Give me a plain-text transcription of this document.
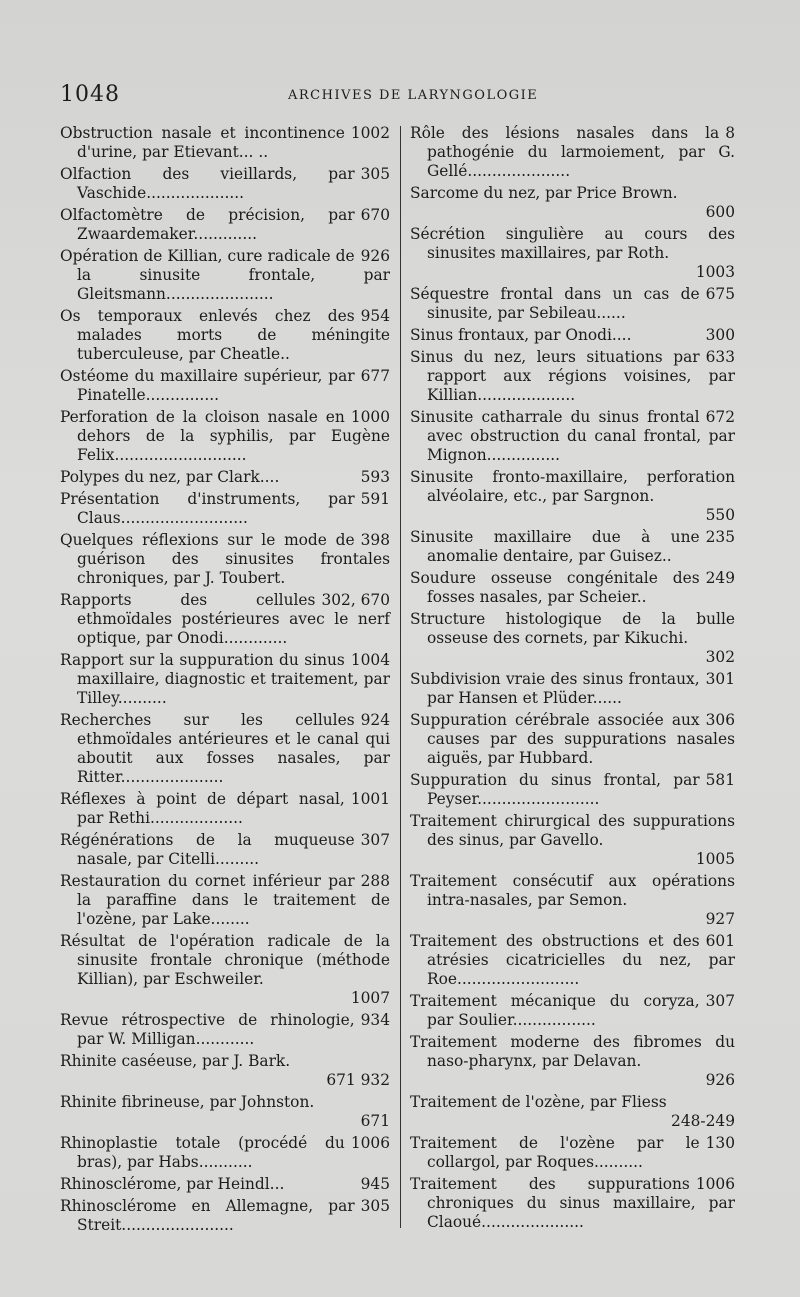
1048	ARCHIVES DE LARYNGOLOGIE
1002
Obstruction nasale et incontinence d'urine, par Etievant... ..
305
Olfaction des vieillards, par Vaschide....................
670
Olfactomètre de précision, par Zwaardemaker.............
926
Opération de Killian, cure radicale de la sinusite frontale, par Gleitsmann......................
954
Os temporaux enlevés chez des malades morts de méningite tuberculeuse, par Cheatle..
677
Ostéome du maxillaire supérieur, par Pinatelle...............
1000
Perforation de la cloison nasale en dehors de la syphilis, par Eugène Felix...........................
593
Polypes du nez, par Clark....
591
Présentation d'instruments, par Claus..........................
398
Quelques réflexions sur le mode de guérison des sinusites frontales chroniques, par J. Toubert.
302, 670
Rapports des cellules ethmoïdales postérieures avec le nerf optique, par Onodi.............
1004
Rapport sur la suppuration du sinus maxillaire, diagnostic et traitement, par Tilley..........
924
Recherches sur les cellules ethmoïdales antérieures et le canal qui aboutit aux fosses nasales, par Ritter.....................
1001
Réflexes à point de départ nasal, par Rethi...................
307
Régénérations de la muqueuse nasale, par Citelli.........
288
Restauration du cornet inférieur par la paraffine dans le traitement de l'ozène, par Lake........
Résultat de l'opération radicale de la sinusite frontale chronique (méthode Killian), par Eschweiler.
1007
934
Revue rétrospective de rhinologie, par W. Milligan............
Rhinite caséeuse, par J. Bark.
671 932
Rhinite fibrineuse, par Johnston.
671
1006
Rhinoplastie totale (procédé du bras), par Habs...........
945
Rhinosclérome, par Heindl...
305
Rhinosclérome en Allemagne, par Streit.......................
8
Rôle des lésions nasales dans la pathogénie du larmoiement, par G. Gellé.....................
Sarcome du nez, par Price Brown.
600
Sécrétion singulière au cours des sinusites maxillaires, par Roth.
1003
675
Séquestre frontal dans un cas de sinusite, par Sebileau......
300
Sinus frontaux, par Onodi....
633
Sinus du nez, leurs situations par rapport aux régions voisines, par Killian....................
672
Sinusite catharrale du sinus frontal avec obstruction du canal frontal, par Mignon...............
Sinusite fronto-maxillaire, perforation alvéolaire, etc., par Sargnon.
550
235
Sinusite maxillaire due à une anomalie dentaire, par Guisez..
249
Soudure osseuse congénitale des fosses nasales, par Scheier..
Structure histologique de la bulle osseuse des cornets, par Kikuchi.
302
301
Subdivision vraie des sinus frontaux, par Hansen et Plüder......
306
Suppuration cérébrale associée aux causes par des suppurations nasales aiguës, par Hubbard.
581
Suppuration du sinus frontal, par Peyser.........................
Traitement chirurgical des suppurations des sinus, par Gavello.
1005
Traitement consécutif aux opérations intra-nasales, par Semon.
927
601
Traitement des obstructions et des atrésies cicatricielles du nez, par Roe.........................
307
Traitement mécanique du coryza, par Soulier.................
Traitement moderne des fibromes du naso-pharynx, par Delavan.
926
Traitement de l'ozène, par Fliess
248-249
130
Traitement de l'ozène par le collargol, par Roques..........
1006
Traitement des suppurations chroniques du sinus maxillaire, par Claoué.....................
